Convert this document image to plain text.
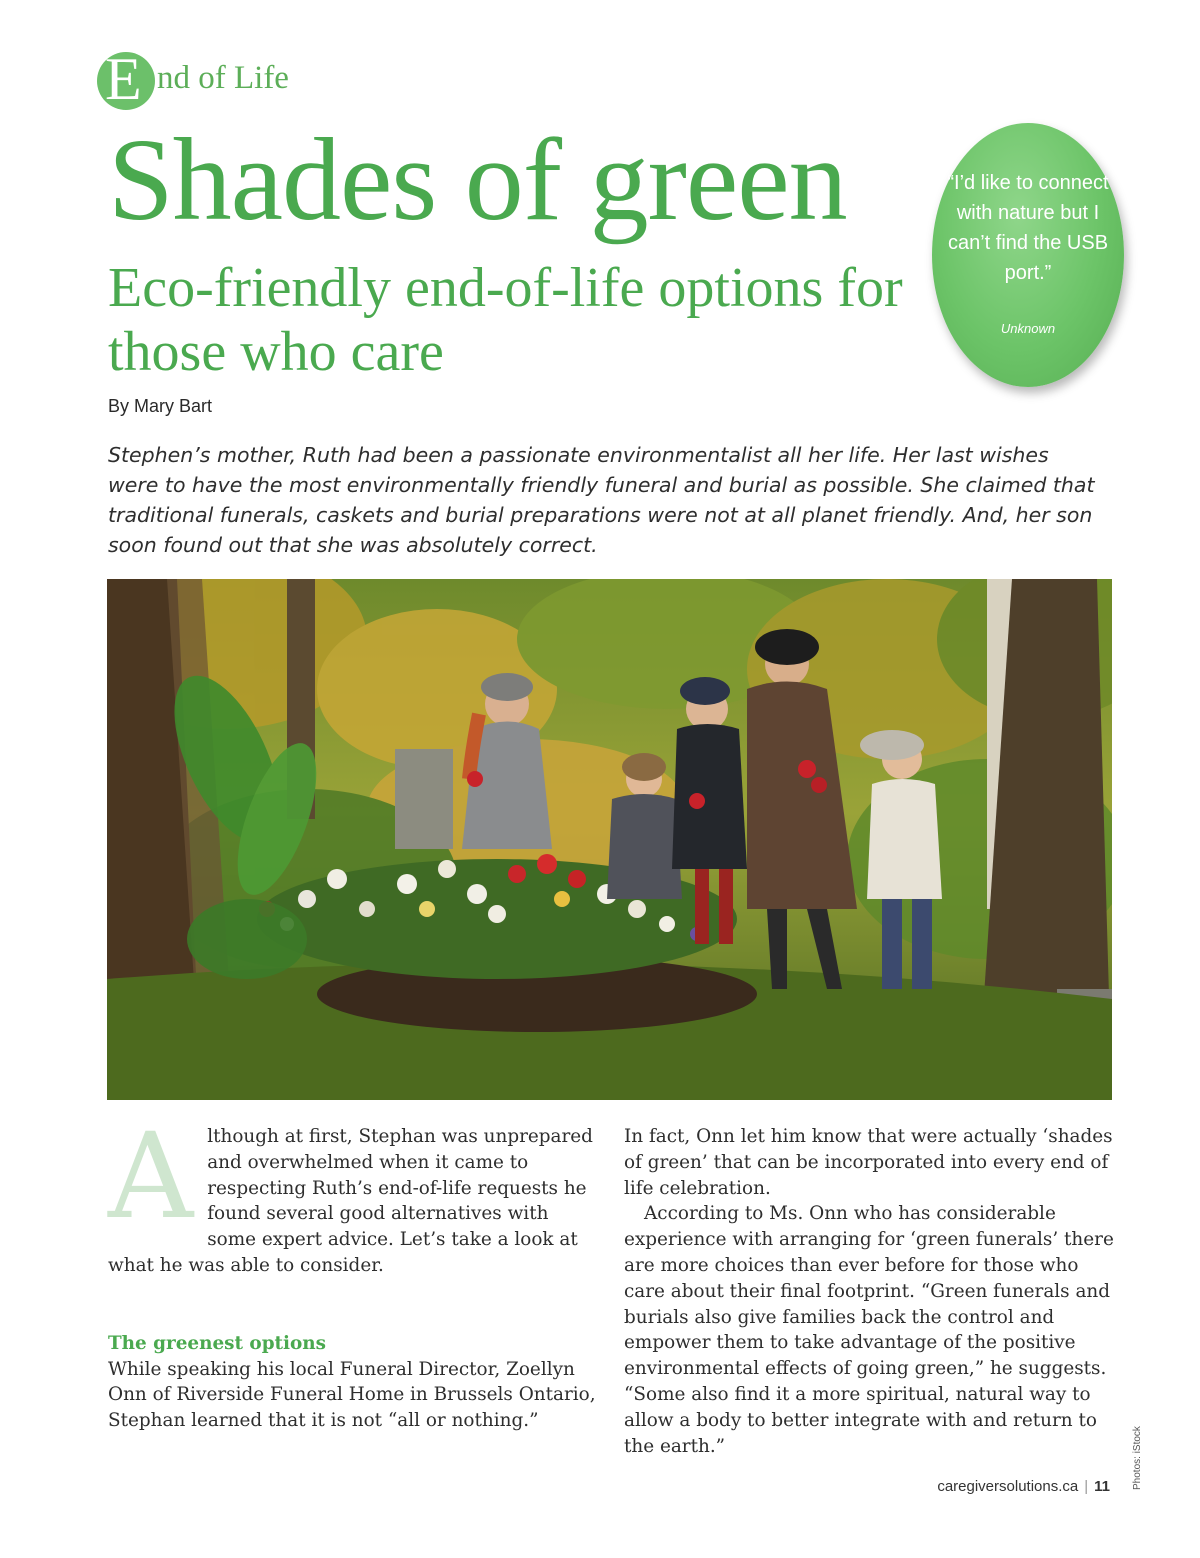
E nd of Life
Shades of green
Eco-friendly end-of-life options for those who care
“I’d like to connect with nature but I can’t find the USB port.”
Unknown
By Mary Bart

Stephen’s mother, Ruth had been a passionate environmentalist all her life. Her last wishes were to have the most environmentally friendly funeral and burial as possible. She claimed that traditional funerals, caskets and burial preparations were not at all planet friendly. And, her son soon found out that she was absolutely correct.

Although at first, Stephan was unprepared and overwhelmed when it came to respecting Ruth’s end-of-life requests he found several good alternatives with some expert advice. Let’s take a look at what he was able to consider.

The greenest options

While speaking his local Funeral Director, Zoellyn Onn of Riverside Funeral Home in Brussels Ontario, Stephan learned that it is not “all or nothing.”

In fact, Onn let him know that were actually ‘shades of green’ that can be incorporated into every end of life celebration.

According to Ms. Onn who has considerable experience with arranging for ‘green funerals’ there are more choices than ever before for those who care about their final footprint. “Green funerals and burials also give families back the control and empower them to take advantage of the positive environmental effects of going green,” he suggests. “Some also find it a more spiritual, natural way to allow a body to better integrate with and return to the earth.”	Photos: iStock
caregiversolutions.ca | 11
